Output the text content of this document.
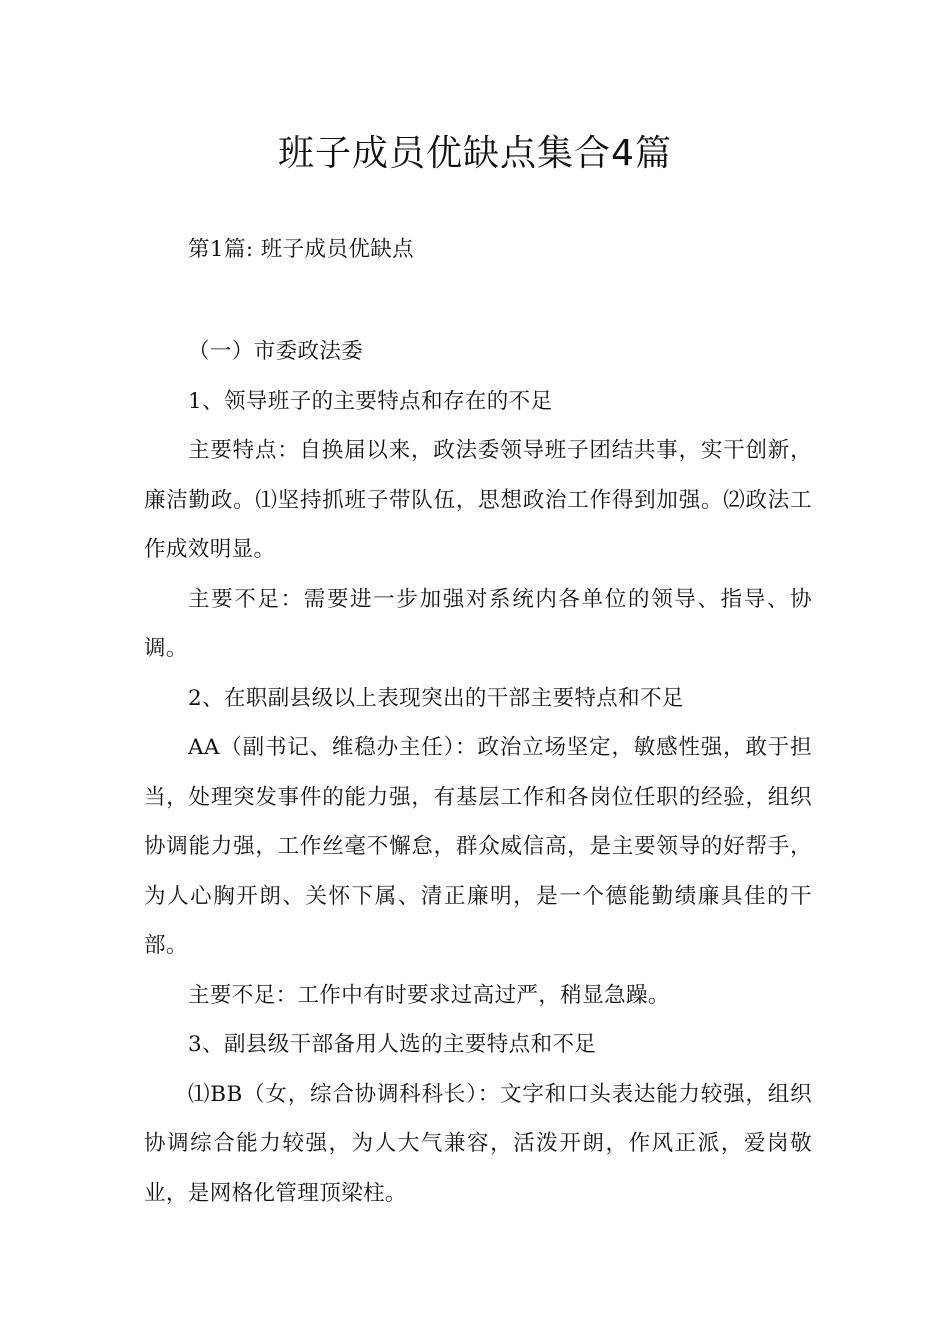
班子成员优缺点集合4篇

第1篇: 班子成员优缺点

（一）市委政法委

1、领导班子的主要特点和存在的不足

主要特点：自换届以来，政法委领导班子团结共事，实干创新，廉洁勤政。⑴坚持抓班子带队伍，思想政治工作得到加强。⑵政法工作成效明显。

主要不足：需要进一步加强对系统内各单位的领导、指导、协调。

2、在职副县级以上表现突出的干部主要特点和不足

AA（副书记、维稳办主任）：政治立场坚定，敏感性强，敢于担当，处理突发事件的能力强，有基层工作和各岗位任职的经验，组织协调能力强，工作丝毫不懈怠，群众威信高，是主要领导的好帮手，为人心胸开朗、关怀下属、清正廉明，是一个德能勤绩廉具佳的干部。

主要不足：工作中有时要求过高过严，稍显急躁。

3、副县级干部备用人选的主要特点和不足

⑴BB（女，综合协调科科长）：文字和口头表达能力较强，组织协调综合能力较强，为人大气兼容，活泼开朗，作风正派，爱岗敬业，是网格化管理顶梁柱。
